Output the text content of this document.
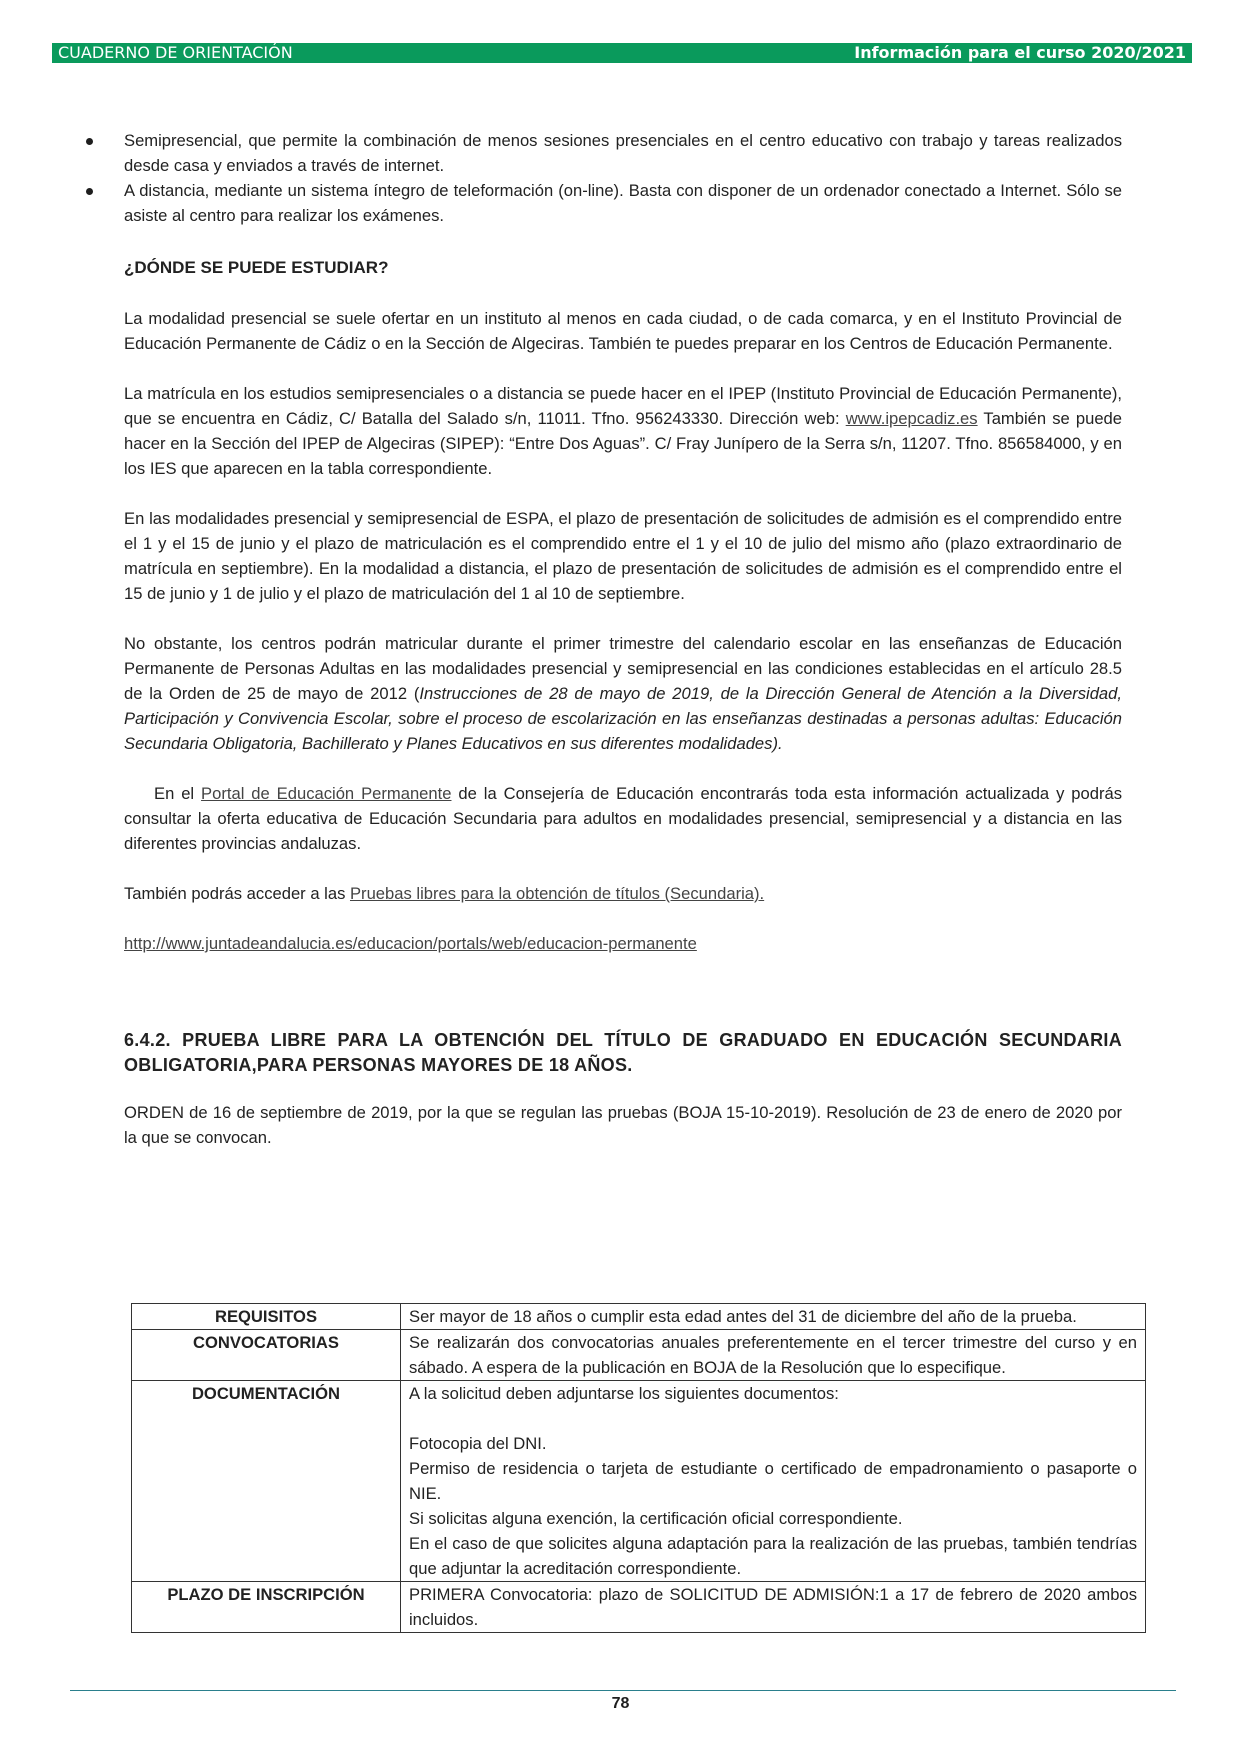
CUADERNO DE ORIENTACIÓN	Información para el curso 2020/2021
Semipresencial, que permite la combinación de menos sesiones presenciales en el centro educativo con trabajo y tareas realizados desde casa y enviados a través de internet.
A distancia, mediante un sistema íntegro de teleformación (on-line). Basta con disponer de un ordenador conectado a Internet. Sólo se asiste al centro para realizar los exámenes.
¿DÓNDE SE PUEDE ESTUDIAR?

La modalidad presencial se suele ofertar en un instituto al menos en cada ciudad, o de cada comarca, y en el Instituto Provincial de Educación Permanente de Cádiz o en la Sección de Algeciras. También te puedes preparar en los Centros de Educación Permanente.

La matrícula en los estudios semipresenciales o a distancia se puede hacer en el IPEP (Instituto Provincial de Educación Permanente), que se encuentra en Cádiz, C/ Batalla del Salado s/n, 11011. Tfno. 956243330. Dirección web: www.ipepcadiz.es También se puede hacer en la Sección del IPEP de Algeciras (SIPEP): “Entre Dos Aguas”. C/ Fray Junípero de la Serra s/n, 11207. Tfno. 856584000, y en los IES que aparecen en la tabla correspondiente.

En las modalidades presencial y semipresencial de ESPA, el plazo de presentación de solicitudes de admisión es el comprendido entre el 1 y el 15 de junio y el plazo de matriculación es el comprendido entre el 1 y el 10 de julio del mismo año (plazo extraordinario de matrícula en septiembre). En la modalidad a distancia, el plazo de presentación de solicitudes de admisión es el comprendido entre el 15 de junio y 1 de julio y el plazo de matriculación del 1 al 10 de septiembre.

No obstante, los centros podrán matricular durante el primer trimestre del calendario escolar en las enseñanzas de Educación Permanente de Personas Adultas en las modalidades presencial y semipresencial en las condiciones establecidas en el artículo 28.5 de la Orden de 25 de mayo de 2012 (Instrucciones de 28 de mayo de 2019, de la Dirección General de Atención a la Diversidad, Participación y Convivencia Escolar, sobre el proceso de escolarización en las enseñanzas destinadas a personas adultas: Educación Secundaria Obligatoria, Bachillerato y Planes Educativos en sus diferentes modalidades).

En el Portal de Educación Permanente de la Consejería de Educación encontrarás toda esta información actualizada y podrás consultar la oferta educativa de Educación Secundaria para adultos en modalidades presencial, semipresencial y a distancia en las diferentes provincias andaluzas.

También podrás acceder a las Pruebas libres para la obtención de títulos (Secundaria).

http://www.juntadeandalucia.es/educacion/portals/web/educacion-permanente

6.4.2. PRUEBA LIBRE PARA LA OBTENCIÓN DEL TÍTULO DE GRADUADO EN EDUCACIÓN SECUNDARIA OBLIGATORIA,PARA PERSONAS MAYORES DE 18 AÑOS.

ORDEN de 16 de septiembre de 2019, por la que se regulan las pruebas (BOJA 15-10-2019). Resolución de 23 de enero de 2020 por la que se convocan.

REQUISITOS	Ser mayor de 18 años o cumplir esta edad antes del 31 de diciembre del año de la prueba.
CONVOCATORIAS	Se realizarán dos convocatorias anuales preferentemente en el tercer trimestre del curso y en sábado. A espera de la publicación en BOJA de la Resolución que lo especifique.
DOCUMENTACIÓN	A la solicitud deben adjuntarse los siguientes documentos:
Fotocopia del DNI.
Permiso de residencia o tarjeta de estudiante o certificado de empadronamiento o pasaporte o NIE.
Si solicitas alguna exención, la certificación oficial correspondiente.
En el caso de que solicites alguna adaptación para la realización de las pruebas, también tendrías que adjuntar la acreditación correspondiente.

PLAZO DE INSCRIPCIÓN	PRIMERA Convocatoria: plazo de SOLICITUD DE ADMISIÓN:1 a 17 de febrero de 2020 ambos incluidos.
78
